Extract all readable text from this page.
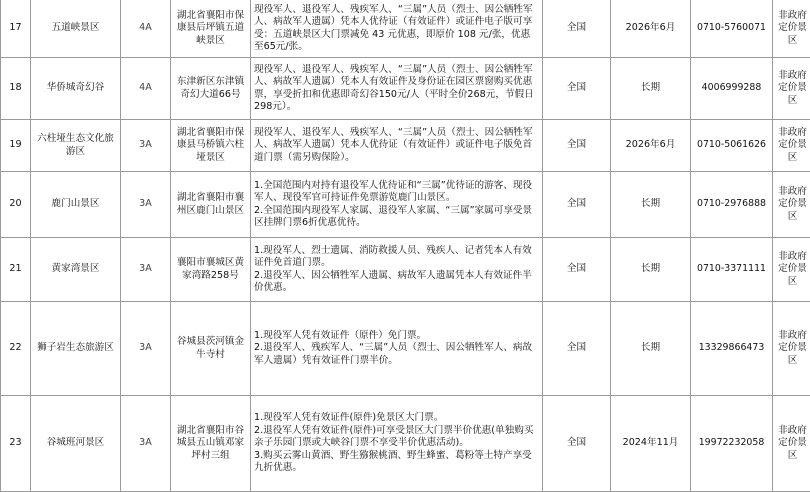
17	五道峡景区	4A	湖北省襄阳市保康县后坪镇五道峡景区	现役军人、退役军人、残疾军人、“三属”人员（烈士、因公牺牲军人、病故军人遗属）凭本人优待证（有效证件）或证件电子版可享受：五道峡景区大门票减免 43 元优惠，即原价 108 元/张，优惠至65元/张。	全国	2026年6月	0710-5760071	非政府定价景区
18	华侨城奇幻谷	4A	东津新区东津镇奇幻大道66号	现役军人、退役军人、残疾军人、“三属”人员（烈士、因公牺牲军人、病故军人遗属）凭本人有效证件及身份证在园区票窗购买优惠票，享受折扣和优惠即奇幻谷150元/人（平时全价268元，节假日298元）。	全国	长期	4006999288	非政府定价景区
19	六柱垭生态文化旅游区	3A	湖北省襄阳市保康县马桥镇六柱垭景区	现役军人、退役军人、残疾军人、“三属”人员（烈士、因公牺牲军人、病故军人遗属）凭本人优待证（有效证件）或证件电子版免首道门票（需另购保险）。	全国	2026年6月	0710-5061626	非政府定价景区
20	鹿门山景区	3A	湖北省襄阳市襄州区鹿门山景区	1.全国范围内对持有退役军人优待证和“三属”优待证的游客、现役军人、现役军官可持证件免票游览鹿门山景区。
2.全国范围内现役军人家属、退役军人家属、“三属”家属可享受景区挂牌门票6折优惠优待。	全国	长期	0710-2976888	非政府定价景区
21	黄家湾景区	3A	襄阳市襄城区黄家湾路258号	1.现役军人、烈士遗属、消防救援人员、残疾人、记者凭本人有效证件免首道门票。
2.退役军人、因公牺牲军人遗属、病故军人遗属凭本人有效证件半价优惠。	全国	长期	0710-3371111	非政府定价景区
22	狮子岩生态旅游区	3A	谷城县茨河镇金牛寺村	1.现役军人凭有效证件（原件）免门票。
2.退役军人、残疾军人、“三属”人员（烈士、因公牺牲军人、病故军人遗属）凭有效证件门票半价。	全国	长期	13329866473	非政府定价景区
23	谷城班河景区	3A	湖北省襄阳市谷城县五山镇邓家坪村三组	1.现役军人凭有效证件(原件)免景区大门票。
2.退役军人凭有效证件(原件)可享受景区大门票半价优惠(单独购买亲子乐园门票或大峡谷门票不享受半价优惠活动)。
3.购买云雾山黄酒、野生猕猴桃酒、野生蜂蜜、葛粉等土特产享受九折优惠。	全国	2024年11月	19972232058	非政府定价景区
